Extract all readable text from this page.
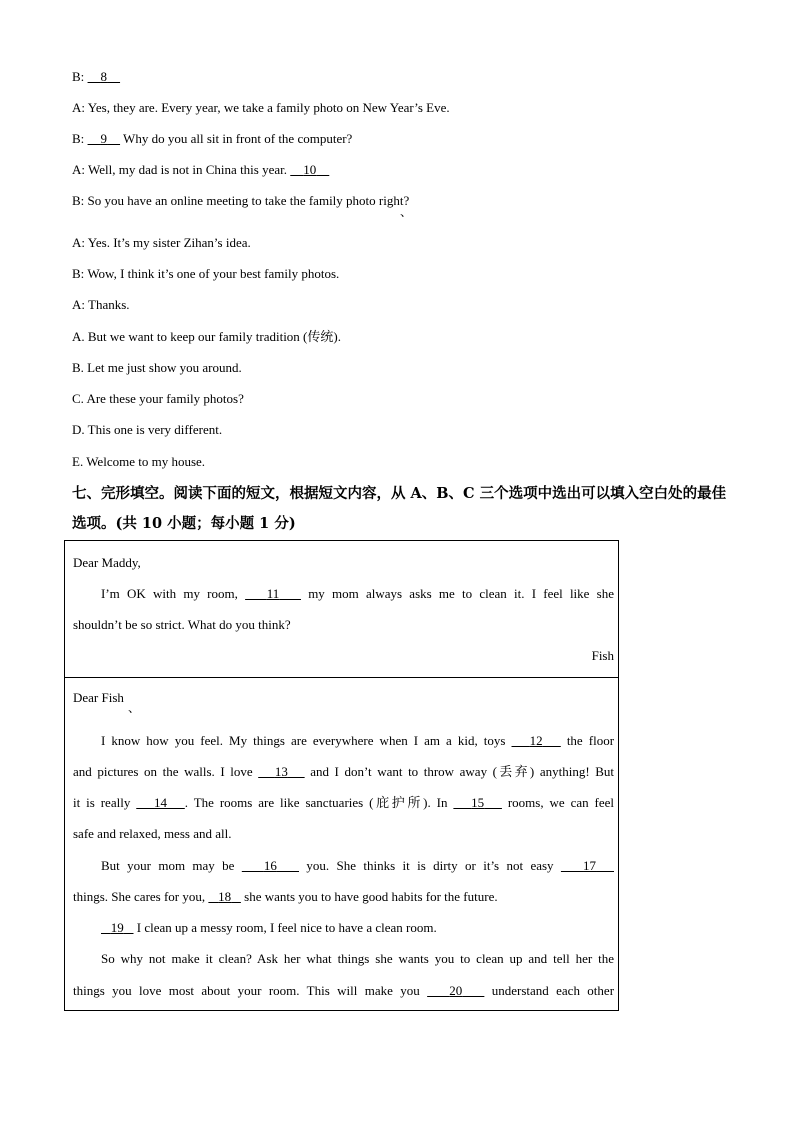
B: 8
A: Yes, they are. Every year, we take a family photo on New Year’s Eve.
B: 9     Why do you all sit in front of the computer?
A: Well, my dad is not in China this year.     10
B: So you have an online meeting to take the family photo right?
、
A: Yes. It’s my sister Zihan’s idea.
B: Wow, I think it’s one of your best family photos.
A: Thanks.
A. But we want to keep our family tradition (传统).
B. Let me just show you around.
C. Are these your family photos?
D. This one is very different.
E. Welcome to my house.
七、完形填空。阅读下面的短文，根据短文内容，从 A、B、C 三个选项中选出可以填入空白处的最佳选项。(共 10 小题；每小题 1 分)
Dear Maddy,
I’m OK with my room,    11    my mom always asks me to clean it. I feel like she
shouldn’t be so strict. What do you think?
Fish
Dear Fish
、
I know how you feel. My things are everywhere when I am a kid, toys    12    the floor
and pictures on the walls. I love    13    and I don’t want to throw away (丢弃) anything! But
it is really    14 . The rooms are like sanctuaries (庇护所). In    15    rooms, we can feel
safe and relaxed, mess and all.
But your mom may be    16    you. She thinks it is dirty or it’s not easy    17
things. She cares for you,    18    she wants you to have good habits for the future.
19    I clean up a messy room, I feel nice to have a clean room.
So why not make it clean? Ask her what things she wants you to clean up and tell her the
things you love most about your room. This will make you    20    understand each other
